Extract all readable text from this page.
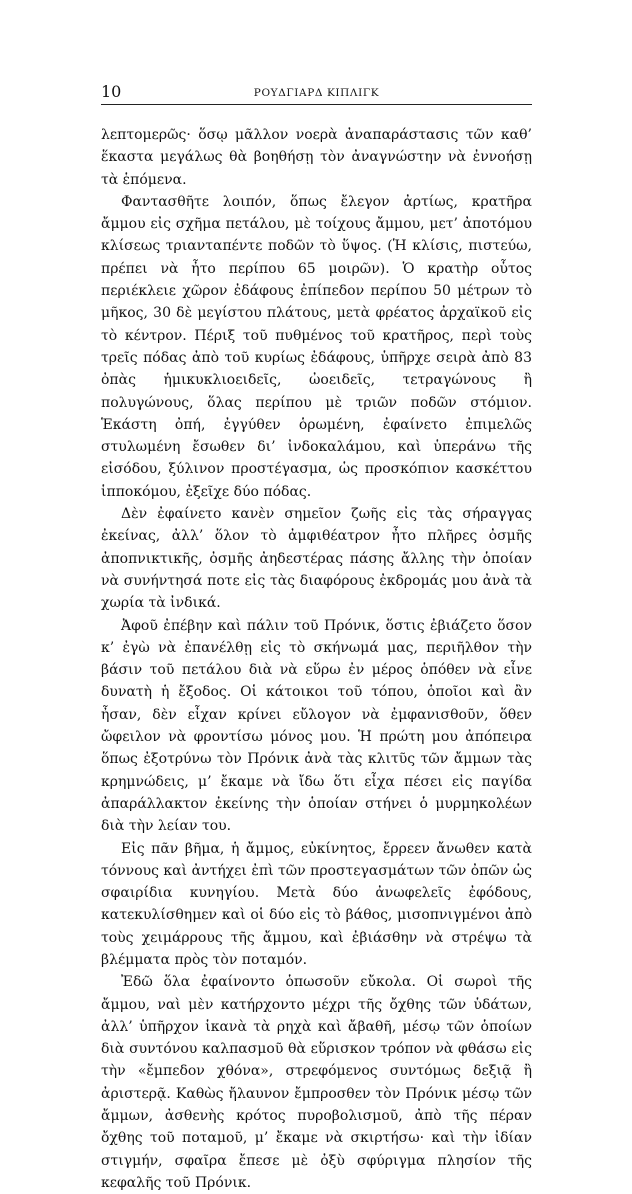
10	ΡΟΥΔΓΙΑΡΔ ΚΙΠΛΙΓΚ

λεπτομερῶς· ὅσῳ μᾶλλον νοερὰ ἀναπαράστασις τῶν καθ’ ἕκαστα μεγάλως θὰ βοηθήσῃ τὸν ἀναγνώστην νὰ ἐννοήσῃ τὰ ἑπόμενα.

Φαντασθῆτε λοιπόν, ὅπως ἔλεγον ἀρτίως, κρατῆρα ἄμμου εἰς σχῆμα πετάλου, μὲ τοίχους ἄμμου, μετ’ ἀποτόμου κλίσεως τριανταπέντε ποδῶν τὸ ὕψος. (Ἡ κλίσις, πιστεύω, πρέπει νὰ ἦτο περίπου 65 μοιρῶν). Ὁ κρατὴρ οὗτος περιέκλειε χῶρον ἐδάφους ἐπίπεδον περίπου 50 μέτρων τὸ μῆκος, 30 δὲ μεγίστου πλάτους, μετὰ φρέατος ἀρχαϊκοῦ εἰς τὸ κέντρον. Πέριξ τοῦ πυθμένος τοῦ κρατῆρος, περὶ τοὺς τρεῖς πόδας ἀπὸ τοῦ κυρίως ἐδάφους, ὑπῆρχε σειρὰ ἀπὸ 83 ὀπὰς ἡμικυκλιοειδεῖς, ὠοειδεῖς, τετραγώνους ἢ πολυγώνους, ὅλας περίπου μὲ τριῶν ποδῶν στόμιον. Ἑκάστη ὀπή, ἐγγύθεν ὁρωμένη, ἐφαίνετο ἐπιμελῶς στυλωμένη ἔσωθεν δι’ ἰνδοκαλάμου, καὶ ὑπεράνω τῆς εἰσόδου, ξύλινον προστέγασμα, ὡς προσκόπιον κασκέττου ἱπποκόμου, ἐξεῖχε δύο πόδας.

Δὲν ἐφαίνετο κανὲν σημεῖον ζωῆς εἰς τὰς σήραγγας ἐκείνας, ἀλλ’ ὅλον τὸ ἀμφιθέατρον ἦτο πλῆρες ὀσμῆς ἀποπνικτικῆς, ὀσμῆς ἀηδεστέρας πάσης ἄλλης τὴν ὁποίαν νὰ συνήντησά ποτε εἰς τὰς διαφόρους ἐκδρομάς μου ἀνὰ τὰ χωρία τὰ ἰνδικά.

Ἀφοῦ ἐπέβην καὶ πάλιν τοῦ Πρόνικ, ὅστις ἐβιάζετο ὅσον κ’ ἐγὼ νὰ ἐπανέλθῃ εἰς τὸ σκήνωμά μας, περιῆλθον τὴν βάσιν τοῦ πετάλου διὰ νὰ εὕρω ἐν μέρος ὁπόθεν νὰ εἶνε δυνατὴ ἡ ἔξοδος. Οἱ κάτοικοι τοῦ τόπου, ὁποῖοι καὶ ἂν ἦσαν, δὲν εἶχαν κρίνει εὔλογον νὰ ἐμφανισθοῦν, ὅθεν ὤφειλον νὰ φροντίσω μόνος μου. Ἡ πρώτη μου ἀπόπειρα ὅπως ἐξοτρύνω τὸν Πρόνικ ἀνὰ τὰς κλιτῦς τῶν ἄμμων τὰς κρημνώδεις, μ’ ἔκαμε νὰ ἴδω ὅτι εἶχα πέσει εἰς παγίδα ἀπαράλλακτον ἐκείνης τὴν ὁποίαν στήνει ὁ μυρμηκολέων διὰ τὴν λείαν του.

Εἰς πᾶν βῆμα, ἡ ἄμμος, εὐκίνητος, ἔρρεεν ἄνωθεν κατὰ τόννους καὶ ἀντήχει ἐπὶ τῶν προστεγασμάτων τῶν ὀπῶν ὡς σφαιρίδια κυνηγίου. Μετὰ δύο ἀνωφελεῖς ἐφόδους, κατεκυλίσθημεν καὶ οἱ δύο εἰς τὸ βάθος, μισοπνιγμένοι ἀπὸ τοὺς χειμάρρους τῆς ἄμμου, καὶ ἐβιάσθην νὰ στρέψω τὰ βλέμματα πρὸς τὸν ποταμόν.

Ἐδῶ ὅλα ἐφαίνοντο ὁπωσοῦν εὔκολα. Οἱ σωροὶ τῆς ἄμμου, ναὶ μὲν κατήρχοντο μέχρι τῆς ὄχθης τῶν ὑδάτων, ἀλλ’ ὑπῆρχον ἱκανὰ τὰ ρηχὰ καὶ ἄβαθῆ, μέσῳ τῶν ὁποίων διὰ συντόνου καλπασμοῦ θὰ εὕρισκον τρόπον νὰ φθάσω εἰς τὴν «ἔμπεδον χθόνα», στρεφόμενος συντόμως δεξιᾷ ἢ ἀριστερᾷ. Καθὼς ἤλαυνον ἔμπροσθεν τὸν Πρόνικ μέσῳ τῶν ἄμμων, ἀσθενὴς κρότος πυροβολισμοῦ, ἀπὸ τῆς πέραν ὄχθης τοῦ ποταμοῦ, μ’ ἔκαμε νὰ σκιρτήσω· καὶ τὴν ἰδίαν στιγμήν, σφαῖρα ἔπεσε μὲ ὀξὺ σφύριγμα πλησίον τῆς κεφαλῆς τοῦ Πρόνικ.
